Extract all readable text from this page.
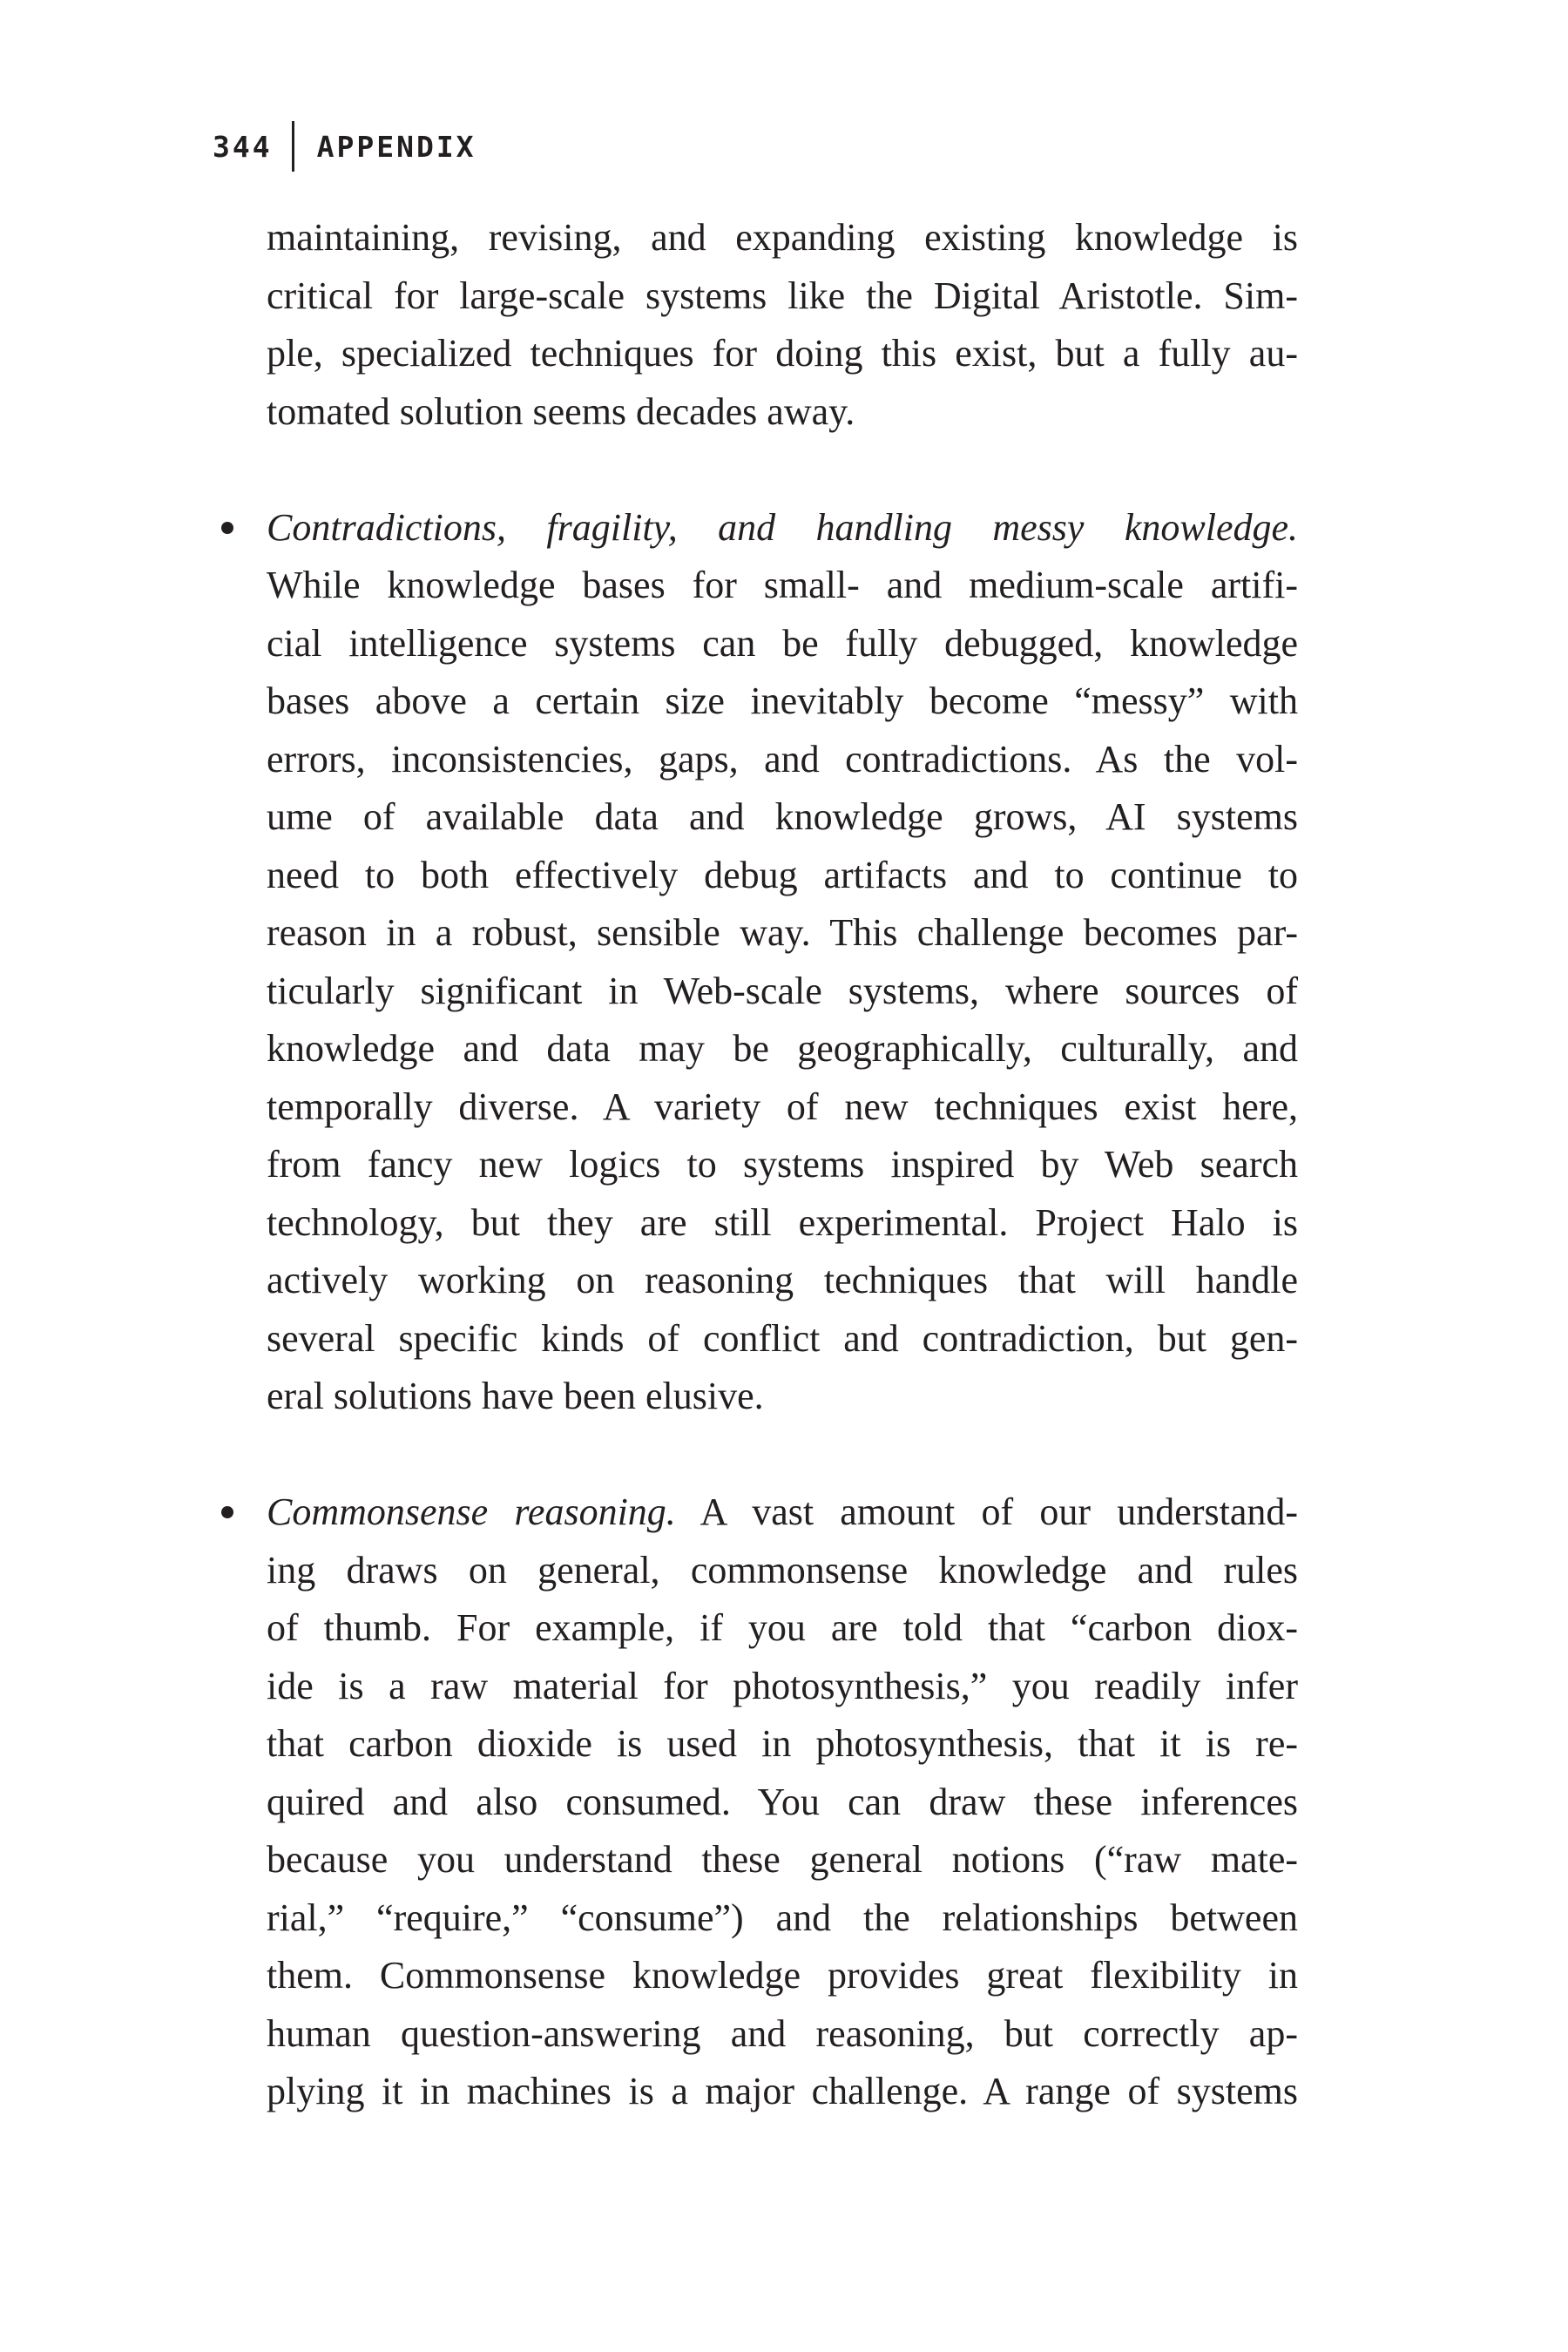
344 APPENDIX

maintaining, revising, and expanding existing knowledge is
critical for large-scale systems like the Digital Aristotle. Sim-
ple, specialized techniques for doing this exist, but a fully au-
tomated solution seems decades away.

Contradictions, fragility, and handling messy knowledge.
While knowledge bases for small- and medium-scale artifi-
cial intelligence systems can be fully debugged, knowledge
bases above a certain size inevitably become “messy” with
errors, inconsistencies, gaps, and contradictions. As the vol-
ume of available data and knowledge grows, AI systems
need to both effectively debug artifacts and to continue to
reason in a robust, sensible way. This challenge becomes par-
ticularly significant in Web-scale systems, where sources of
knowledge and data may be geographically, culturally, and
temporally diverse. A variety of new techniques exist here,
from fancy new logics to systems inspired by Web search
technology, but they are still experimental. Project Halo is
actively working on reasoning techniques that will handle
several specific kinds of conflict and contradiction, but gen-
eral solutions have been elusive.
Commonsense reasoning. A vast amount of our understand-
ing draws on general, commonsense knowledge and rules
of thumb. For example, if you are told that “carbon diox-
ide is a raw material for photosynthesis,” you readily infer
that carbon dioxide is used in photosynthesis, that it is re-
quired and also consumed. You can draw these inferences
because you understand these general notions (“raw mate-
rial,” “require,” “consume”) and the relationships between
them. Commonsense knowledge provides great flexibility in
human question-answering and reasoning, but correctly ap-
plying it in machines is a major challenge. A range of systems
